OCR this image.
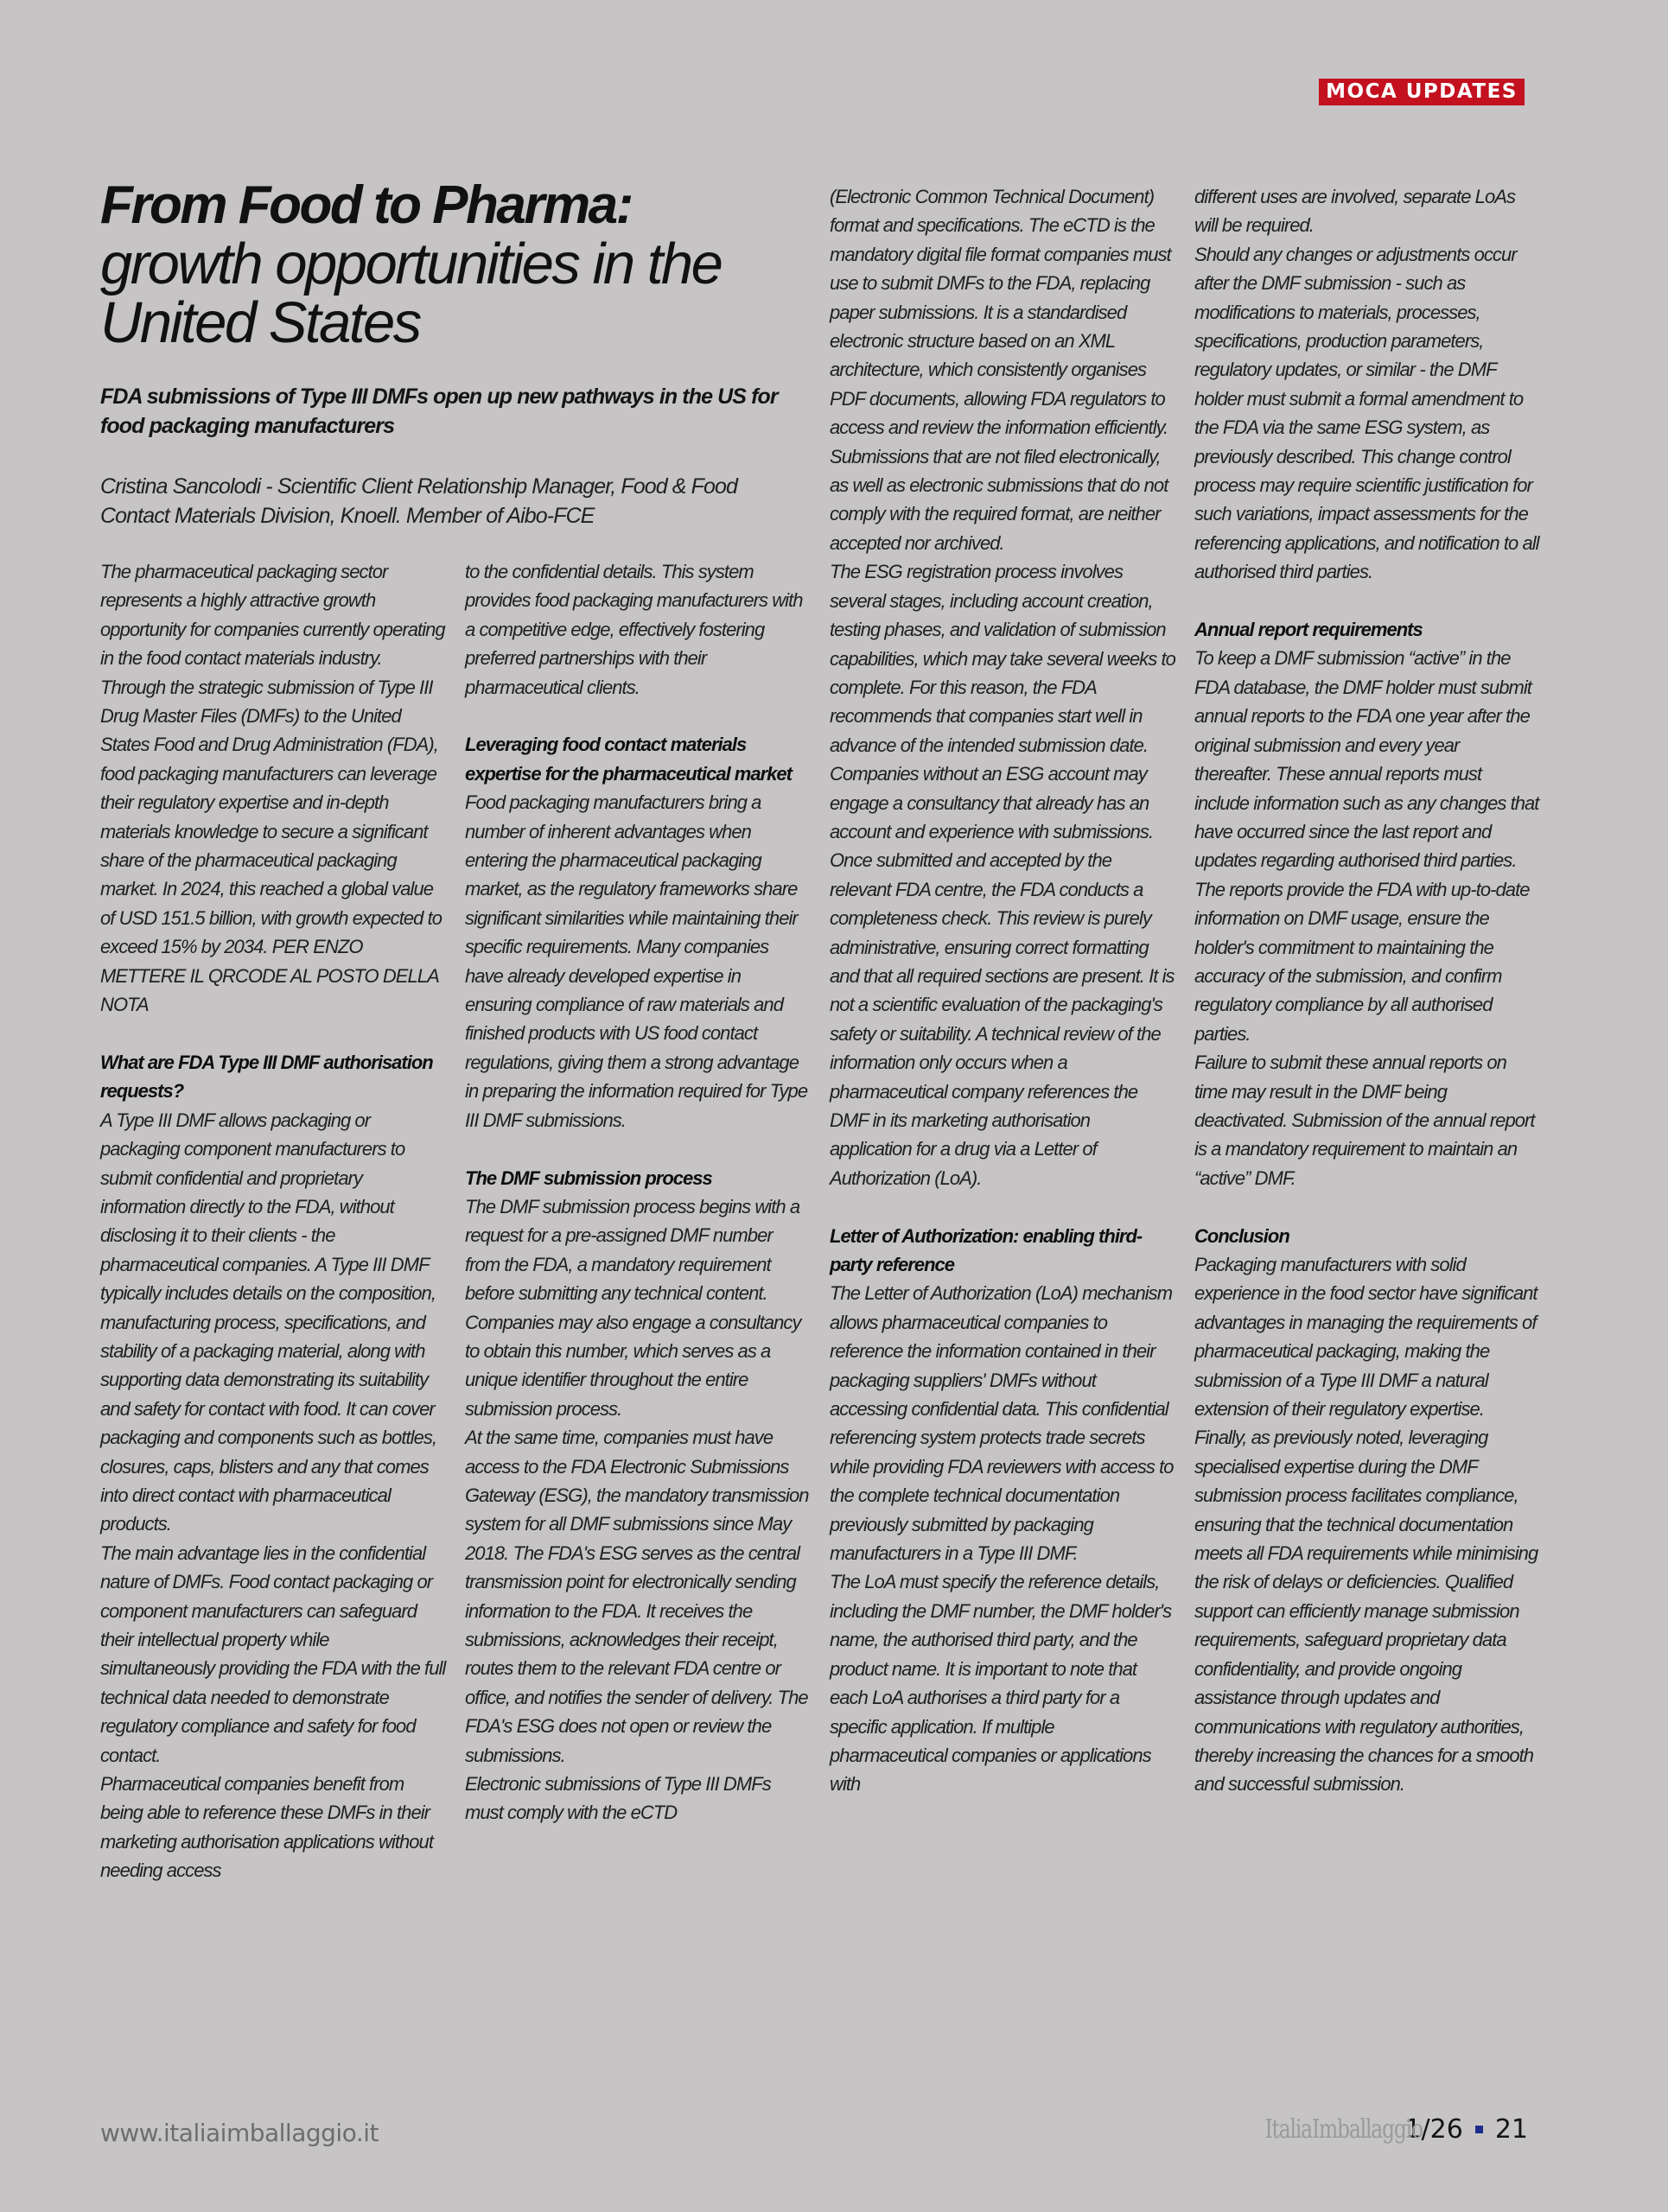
MOCA UPDATES
From Food to Pharma:
growth opportunities in the United States
FDA submissions of Type III DMFs open up new pathways in the US for food packaging manufacturers
Cristina Sancolodi - Scientific Client Relationship Manager, Food & Food Contact Materials Division, Knoell. Member of Aibo-FCE

The pharmaceutical packaging sector represents a highly attractive growth opportunity for companies currently operating in the food contact materials industry. Through the strategic submission of Type III Drug Master Files (DMFs) to the United States Food and Drug Administration (FDA), food packaging manufacturers can leverage their regulatory expertise and in-depth materials knowledge to secure a significant share of the pharmaceutical packaging market. In 2024, this reached a global value of USD 151.5 billion, with growth expected to exceed 15% by 2034. PER ENZO METTERE IL QRCODE AL POSTO DELLA NOTA

What are FDA Type III DMF authorisation requests?

A Type III DMF allows packaging or packaging component manufacturers to submit confidential and proprietary information directly to the FDA, without disclosing it to their clients - the pharmaceutical companies. A Type III DMF typically includes details on the composition, manufacturing process, specifications, and stability of a packaging material, along with supporting data demonstrating its suitability and safety for contact with food. It can cover packaging and components such as bottles, closures, caps, blisters and any that comes into direct contact with pharmaceutical products.

The main advantage lies in the confidential nature of DMFs. Food contact packaging or component manufacturers can safeguard their intellectual property while simultaneously providing the FDA with the full technical data needed to demonstrate regulatory compliance and safety for food contact.

Pharmaceutical companies benefit from being able to reference these DMFs in their marketing authorisation applications without needing access

to the confidential details. This system provides food packaging manufacturers with a competitive edge, effectively fostering preferred partnerships with their pharmaceutical clients.

Leveraging food contact materials expertise for the pharmaceutical market

Food packaging manufacturers bring a number of inherent advantages when entering the pharmaceutical packaging market, as the regulatory frameworks share significant similarities while maintaining their specific requirements. Many companies have already developed expertise in ensuring compliance of raw materials and finished products with US food contact regulations, giving them a strong advantage in preparing the information required for Type III DMF submissions.

The DMF submission process

The DMF submission process begins with a request for a pre-assigned DMF number from the FDA, a mandatory requirement before submitting any technical content. Companies may also engage a consultancy to obtain this number, which serves as a unique identifier throughout the entire submission process.

At the same time, companies must have access to the FDA Electronic Submissions Gateway (ESG), the mandatory transmission system for all DMF submissions since May 2018. The FDA's ESG serves as the central transmission point for electronically sending information to the FDA. It receives the submissions, acknowledges their receipt, routes them to the relevant FDA centre or office, and notifies the sender of delivery. The FDA's ESG does not open or review the submissions.

Electronic submissions of Type III DMFs must comply with the eCTD

(Electronic Common Technical Document) format and specifications. The eCTD is the mandatory digital file format companies must use to submit DMFs to the FDA, replacing paper submissions. It is a standardised electronic structure based on an XML architecture, which consistently organises PDF documents, allowing FDA regulators to access and review the information efficiently.

Submissions that are not filed electronically, as well as electronic submissions that do not comply with the required format, are neither accepted nor archived.

The ESG registration process involves several stages, including account creation, testing phases, and validation of submission capabilities, which may take several weeks to complete. For this reason, the FDA recommends that companies start well in advance of the intended submission date.

Companies without an ESG account may engage a consultancy that already has an account and experience with submissions.

Once submitted and accepted by the relevant FDA centre, the FDA conducts a completeness check. This review is purely administrative, ensuring correct formatting and that all required sections are present. It is not a scientific evaluation of the packaging's safety or suitability. A technical review of the information only occurs when a pharmaceutical company references the DMF in its marketing authorisation application for a drug via a Letter of Authorization (LoA).

Letter of Authorization: enabling third-party reference

The Letter of Authorization (LoA) mechanism allows pharmaceutical companies to reference the information contained in their packaging suppliers' DMFs without accessing confidential data. This confidential referencing system protects trade secrets while providing FDA reviewers with access to the complete technical documentation previously submitted by packaging manufacturers in a Type III DMF.

The LoA must specify the reference details, including the DMF number, the DMF holder's name, the authorised third party, and the product name. It is important to note that each LoA authorises a third party for a specific application. If multiple pharmaceutical companies or applications with

different uses are involved, separate LoAs will be required.

Should any changes or adjustments occur after the DMF submission - such as modifications to materials, processes, specifications, production parameters, regulatory updates, or similar - the DMF holder must submit a formal amendment to the FDA via the same ESG system, as previously described. This change control process may require scientific justification for such variations, impact assessments for the referencing applications, and notification to all authorised third parties.

Annual report requirements

To keep a DMF submission “active” in the FDA database, the DMF holder must submit annual reports to the FDA one year after the original submission and every year thereafter. These annual reports must include information such as any changes that have occurred since the last report and updates regarding authorised third parties. The reports provide the FDA with up-to-date information on DMF usage, ensure the holder's commitment to maintaining the accuracy of the submission, and confirm regulatory compliance by all authorised parties.

Failure to submit these annual reports on time may result in the DMF being deactivated. Submission of the annual report is a mandatory requirement to maintain an “active” DMF.

Conclusion

Packaging manufacturers with solid experience in the food sector have significant advantages in managing the requirements of pharmaceutical packaging, making the submission of a Type III DMF a natural extension of their regulatory expertise.

Finally, as previously noted, leveraging specialised expertise during the DMF submission process facilitates compliance, ensuring that the technical documentation meets all FDA requirements while minimising the risk of delays or deficiencies. Qualified support can efficiently manage submission requirements, safeguard proprietary data confidentiality, and provide ongoing assistance through updates and communications with regulatory authorities, thereby increasing the chances for a smooth and successful submission.

www.italiaimballaggio.it	ItaliaImballaggio
1/26 21
